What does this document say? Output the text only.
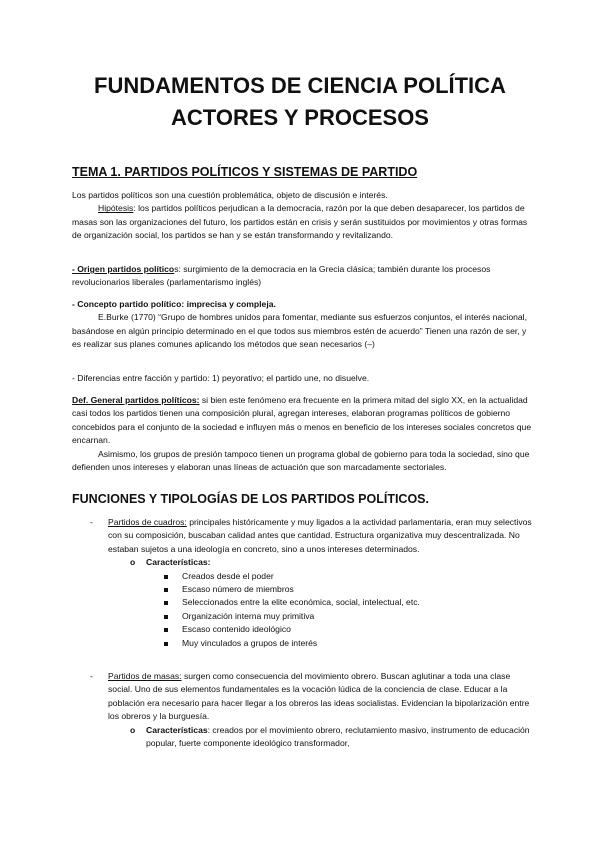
FUNDAMENTOS DE CIENCIA POLÍTICA
ACTORES Y PROCESOS
TEMA 1. PARTIDOS POLÍTICOS Y SISTEMAS DE PARTIDO

Los partidos políticos son una cuestión problemática, objeto de discusión e interés.

Hipótesis: los partidos políticos perjudican a la democracia, razón por la que deben desaparecer, los partidos de masas son las organizaciones del futuro, los partidos están en crisis y serán sustituidos por movimientos y otras formas de organización social, los partidos se han y se están transformando y revitalizando.

- Origen partidos políticos: surgimiento de la democracia en la Grecia clásica; también durante los procesos revolucionarios liberales (parlamentarismo inglés)

- Concepto partido político: imprecisa y compleja.

E.Burke (1770) “Grupo de hombres unidos para fomentar, mediante sus esfuerzos conjuntos, el interés nacional, basándose en algún principio determinado en el que todos sus miembros estén de acuerdo” Tienen una razón de ser, y es realizar sus planes comunes aplicando los métodos que sean necesarios (–)

- Diferencias entre facción y partido: 1) peyorativo; el partido une, no disuelve.

Def. General partidos políticos: si bien este fenómeno era frecuente en la primera mitad del siglo XX, en la actualidad casi todos los partidos tienen una composición plural, agregan intereses, elaboran programas políticos de gobierno concebidos para el conjunto de la sociedad e influyen más o menos en beneficio de los intereses sociales concretos que encarnan.

Asimismo, los grupos de presión tampoco tienen un programa global de gobierno para toda la sociedad, sino que defienden unos intereses y elaboran unas líneas de actuación que son marcadamente sectoriales.

FUNCIONES Y TIPOLOGÍAS DE LOS PARTIDOS POLÍTICOS.
- Partidos de cuadros: principales históricamente y muy ligados a la actividad parlamentaria, eran muy selectivos con su composición, buscaban calidad antes que cantidad. Estructura organizativa muy descentralizada. No estaban sujetos a una ideología en concreto, sino a unos intereses determinados.
o Características:
Creados desde el poder
Escaso número de miembros
Seleccionados entre la elite económica, social, intelectual, etc.
Organización interna muy primitiva
Escaso contenido ideológico
Muy vinculados a grupos de interés
- Partidos de masas: surgen como consecuencia del movimiento obrero. Buscan aglutinar a toda una clase social. Uno de sus elementos fundamentales es la vocación lúdica de la conciencia de clase. Educar a la población era necesario para hacer llegar a los obreros las ideas socialistas. Evidencian la bipolarización entre los obreros y la burguesía.
o Características: creados por el movimiento obrero, reclutamiento masivo, instrumento de educación popular, fuerte componente ideológico transformador,
